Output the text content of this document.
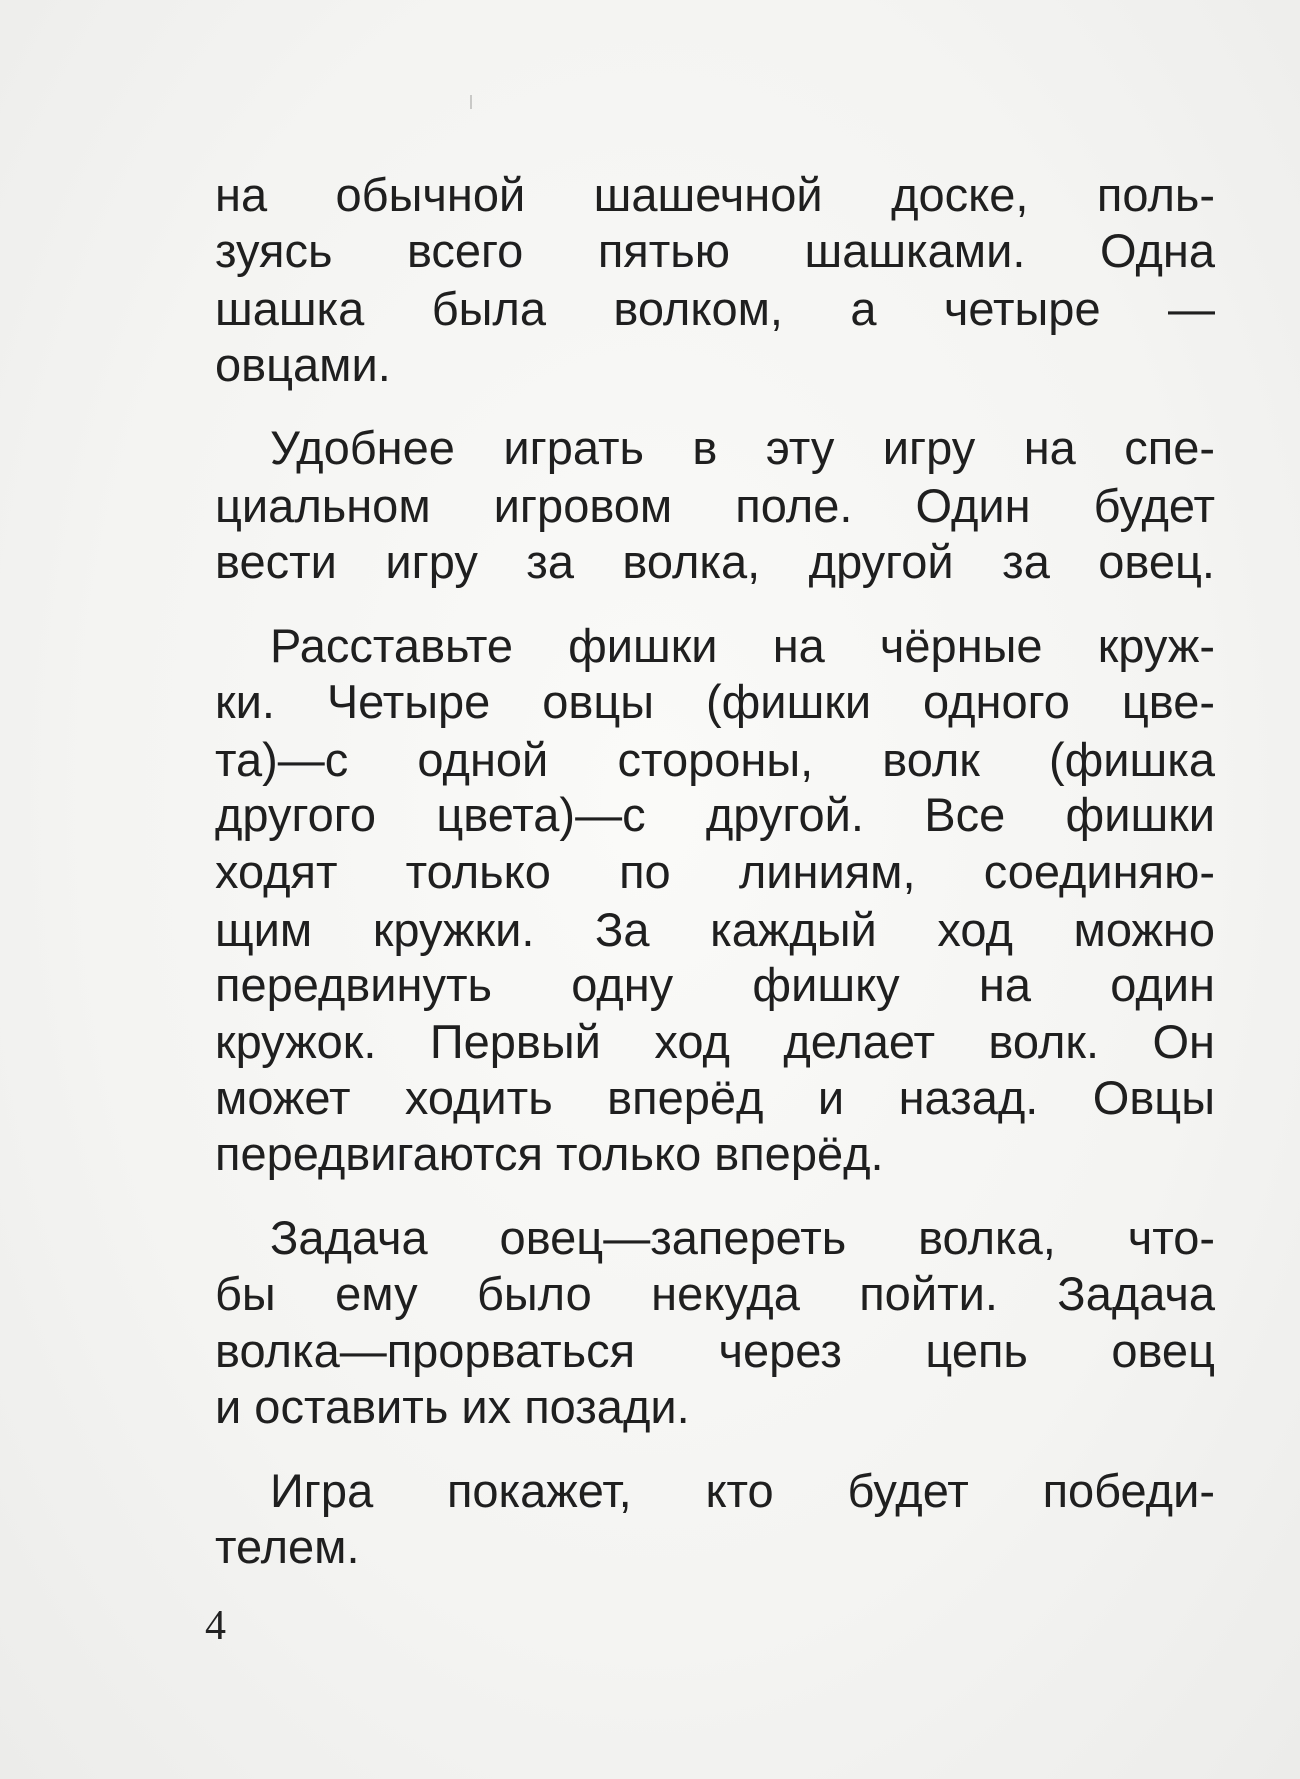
на обычной шашечной доске, поль-
зуясь всего пятью шашками. Одна
шашка была волком, а четыре —
овцами.
Удобнее играть в эту игру на спе-
циальном игровом поле. Один будет
вести игру за волка, другой за овец.
Расставьте фишки на чёрные круж-
ки. Четыре овцы (фишки одного цве-
та)—с одной стороны, волк (фишка
другого цвета)—с другой. Все фишки
ходят только по линиям, соединяю-
щим кружки. За каждый ход можно
передвинуть одну фишку на один
кружок. Первый ход делает волк. Он
может ходить вперёд и назад. Овцы
передвигаются только вперёд.
Задача овец—запереть волка, что-
бы ему было некуда пойти. Задача
волка—прорваться через цепь овец
и оставить их позади.
Игра покажет, кто будет победи-
телем.
4
